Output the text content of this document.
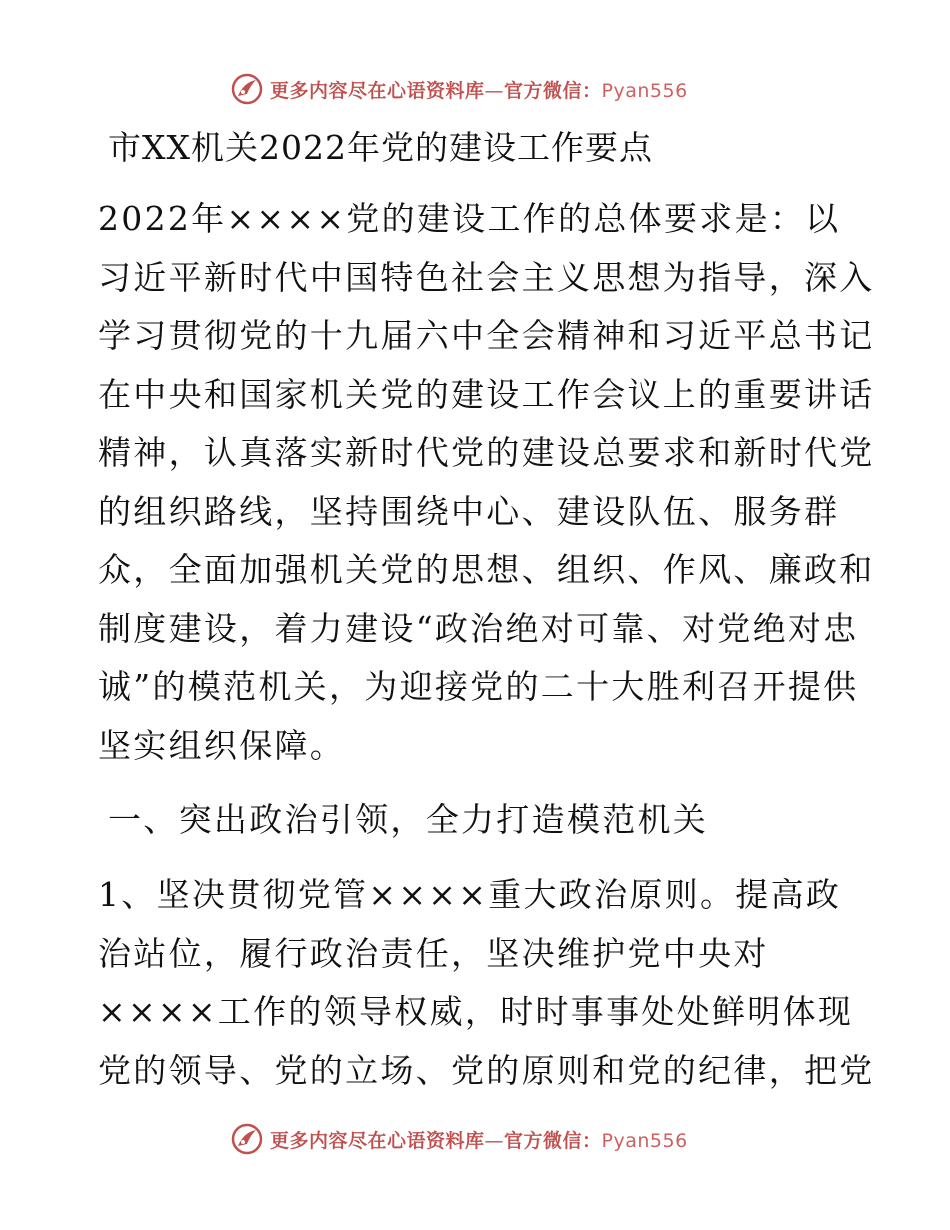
更多内容尽在心语资料库—官方微信：Pyan556
市XX机关2022年党的建设工作要点

2022年××××党的建设工作的总体要求是：以
习近平新时代中国特色社会主义思想为指导，深入
学习贯彻党的十九届六中全会精神和习近平总书记
在中央和国家机关党的建设工作会议上的重要讲话
精神，认真落实新时代党的建设总要求和新时代党
的组织路线，坚持围绕中心、建设队伍、服务群
众，全面加强机关党的思想、组织、作风、廉政和
制度建设，着力建设“政治绝对可靠、对党绝对忠
诚”的模范机关，为迎接党的二十大胜利召开提供
坚实组织保障。

一、突出政治引领，全力打造模范机关

1、坚决贯彻党管××××重大政治原则。提高政
治站位，履行政治责任，坚决维护党中央对
××××工作的领导权威，时时事事处处鲜明体现
党的领导、党的立场、党的原则和党的纪律，把党

更多内容尽在心语资料库—官方微信：Pyan556
